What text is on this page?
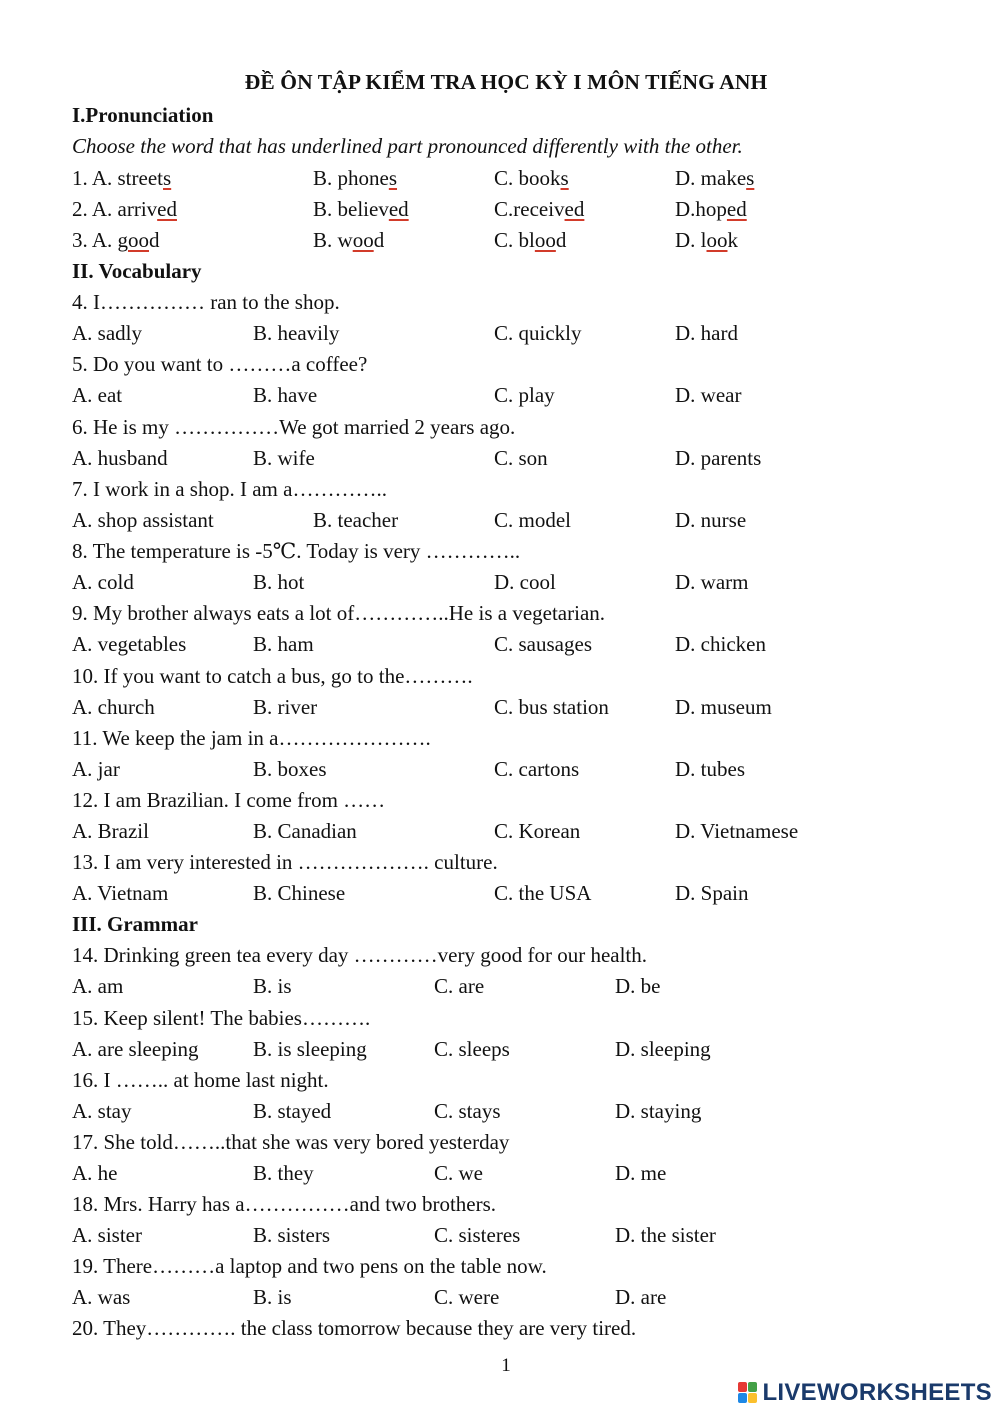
ĐỀ ÔN TẬP KIỂM TRA HỌC KỲ I MÔN TIẾNG ANH
I.Pronunciation
Choose the word that has underlined part pronounced differently with the other.
1. A. streets	B. phones	C. books	D. makes
2. A. arrived	B. believed	C.received	D.hoped
3. A. good	B. wood	C. blood	D. look
II. Vocabulary
4. I…………… ran to the shop.
A. sadly	B. heavily	C. quickly	D. hard
5. Do you want to ………a coffee?
A. eat	B. have	C. play	D. wear
6. He is my ……………We got married 2 years ago.
A. husband	B. wife	C. son	D. parents
7. I work in a shop. I am a…………..
A. shop assistant	B. teacher	C. model	D. nurse
8. The temperature is -5℃. Today is very …………..
A. cold	B. hot	D. cool	D. warm
9. My brother always eats a lot of…………..He is a vegetarian.
A. vegetables	B. ham	C. sausages	D. chicken
10. If you want to catch a bus, go to the……….
A. church	B. river	C. bus station	D. museum
11. We keep the jam in a………………….
A. jar	B. boxes	C. cartons	D. tubes
12. I am Brazilian. I come from ……
A. Brazil	B. Canadian	C. Korean	D. Vietnamese
13. I am very interested in ………………. culture.
A. Vietnam	B. Chinese	C. the USA	D. Spain
III. Grammar
14. Drinking green tea every day …………very good for our health.
A. am	B. is	C. are	D. be
15. Keep silent! The babies……….
A. are sleeping	B. is sleeping	C. sleeps	D. sleeping
16. I …….. at home last night.
A. stay	B. stayed	C. stays	D. staying
17. She told……..that she was very bored yesterday
A. he	B. they	C. we	D. me
18. Mrs. Harry has a……………and two brothers.
A. sister	B. sisters	C. sisteres	D. the sister
19. There………a laptop and two pens on the table now.
A. was	B. is	C. were	D. are
20. They…………. the class tomorrow because they are very tired.
1
LIVEWORKSHEETS
